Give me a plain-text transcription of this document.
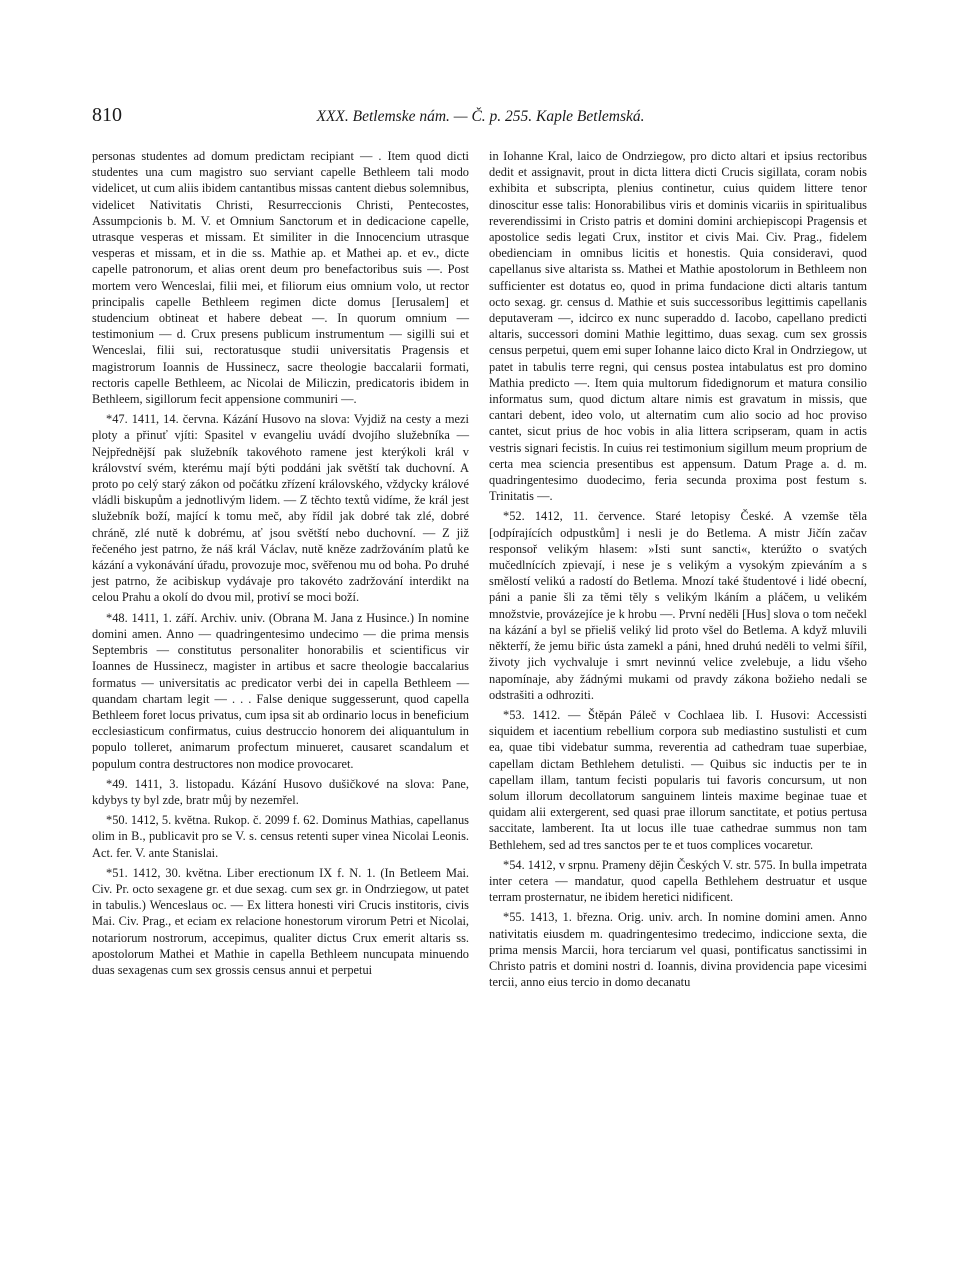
810	XXX. Betlemske nám. — Č. p. 255. Kaple Betlemská.

personas studentes ad domum predictam recipiant — . Item quod dicti studentes una cum magistro suo serviant capelle Bethleem tali modo videlicet, ut cum aliis ibidem cantantibus missas cantent diebus solemnibus, videlicet Nativitatis Christi, Resurreccionis Christi, Pentecostes, Assumpcionis b. M. V. et Omnium Sanctorum et in dedicacione capelle, utrasque vesperas et missam. Et similiter in die Innocencium utrasque vesperas et missam, et in die ss. Mathie ap. et Mathei ap. et ev., dicte capelle patronorum, et alias orent deum pro benefactoribus suis —. Post mortem vero Wenceslai, filii mei, et filiorum eius omnium volo, ut rector principalis capelle Bethleem regimen dicte domus [Ierusalem] et studencium obtineat et habere debeat —. In quorum omnium — testimonium — d. Crux presens publicum instrumentum — sigilli sui et Wenceslai, filii sui, rectoratusque studii universitatis Pragensis et magistrorum Ioannis de Hussinecz, sacre theologie baccalarii formati, rectoris capelle Bethleem, ac Nicolai de Miliczin, predicatoris ibidem in Bethleem, sigillorum fecit appensione communiri —.

*47. 1411, 14. června. Kázání Husovo na slova: Vyjdiž na cesty a mezi ploty a přinuť vjíti: Spasitel v evangeliu uvádí dvojího služebníka — Nejpřednější pak služebník takovéhoto ramene jest kterýkoli král v království svém, kterému mají býti poddáni jak světští tak duchovní. A proto po celý starý zákon od počátku zřízení královského, vždycky králové vládli biskupům a jednotlivým lidem. — Z těchto textů vidíme, že král jest služebník boží, mající k tomu meč, aby řídil jak dobré tak zlé, dobré chráně, zlé nutě k dobrému, ať jsou světští nebo duchovní. — Z již řečeného jest patrno, že náš král Václav, nutě kněze zadržováním platů ke kázání a vykonávání úřadu, provozuje moc, svěřenou mu od boha. Po druhé jest patrno, že acibiskup vydávaje pro takovéto zadržování interdikt na celou Prahu a okolí do dvou mil, protiví se moci boží.

*48. 1411, 1. září. Archiv. univ. (Obrana M. Jana z Husince.) In nomine domini amen. Anno — quadringentesimo undecimo — die prima mensis Septembris — constitutus personaliter honorabilis et scientificus vir Ioannes de Hussinecz, magister in artibus et sacre theologie baccalarius formatus — universitatis ac predicator verbi dei in capella Bethleem — quandam chartam legit — . . . False denique suggesserunt, quod capella Bethleem foret locus privatus, cum ipsa sit ab ordinario locus in beneficium ecclesiasticum confirmatus, cuius destruccio honorem dei aliquantulum in populo tolleret, animarum profectum minueret, causaret scandalum et populum contra destructores non modice provocaret.

*49. 1411, 3. listopadu. Kázání Husovo dušičkové na slova: Pane, kdybys ty byl zde, bratr můj by nezemřel.

*50. 1412, 5. května. Rukop. č. 2099 f. 62. Dominus Mathias, capellanus olim in B., publicavit pro se V. s. census retenti super vinea Nicolai Leonis. Act. fer. V. ante Stanislai.

*51. 1412, 30. května. Liber erectionum IX f. N. 1. (In Betleem Mai. Civ. Pr. octo sexagene gr. et due sexag. cum sex gr. in Ondrziegow, ut patet in tabulis.) Wenceslaus oc. — Ex littera honesti viri Crucis institoris, civis Mai. Civ. Prag., et eciam ex relacione honestorum virorum Petri et Nicolai, notariorum nostrorum, accepimus, qualiter dictus Crux emerit altaris ss. apostolorum Mathei et Mathie in capella Bethleem nuncupata minuendo duas sexagenas cum sex grossis census annui et perpetui

in Iohanne Kral, laico de Ondrziegow, pro dicto altari et ipsius rectoribus dedit et assignavit, prout in dicta littera dicti Crucis sigillata, coram nobis exhibita et subscripta, plenius continetur, cuius quidem littere tenor dinoscitur esse talis: Honorabilibus viris et dominis vicariis in spiritualibus reverendissimi in Cristo patris et domini domini archiepiscopi Pragensis et apostolice sedis legati Crux, institor et civis Mai. Civ. Prag., fidelem obedienciam in omnibus licitis et honestis. Quia consideravi, quod capellanus sive altarista ss. Mathei et Mathie apostolorum in Bethleem non sufficienter est dotatus eo, quod in prima fundacione dicti altaris tantum octo sexag. gr. census d. Mathie et suis successoribus legittimis capellanis deputaveram —, idcirco ex nunc superaddo d. Iacobo, capellano predicti altaris, successori domini Mathie legittimo, duas sexag. cum sex grossis census perpetui, quem emi super Iohanne laico dicto Kral in Ondrziegow, ut patet in tabulis terre regni, qui census postea intabulatus est pro domino Mathia predicto —. Item quia multorum fidedignorum et matura consilio informatus sum, quod dictum altare nimis est gravatum in missis, que cantari debent, ideo volo, ut alternatim cum alio socio ad hoc proviso cantet, sicut prius de hoc vobis in alia littera scripseram, quam in actis vestris signari fecistis. In cuius rei testimonium sigillum meum proprium de certa mea sciencia presentibus est appensum. Datum Prage a. d. m. quadringentesimo duodecimo, feria secunda proxima post festum s. Trinitatis —.

*52. 1412, 11. července. Staré letopisy České. A vzemše těla [odpírajících odpustkům] i nesli je do Betlema. A mistr Jičín začav responsoř velikým hlasem: »Isti sunt sancti«, kterúžto o svatých mučedlnících zpievají, i nese je s velikým a vysokým zpieváním a s smělostí velikú a radostí do Betlema. Mnozí také študentové i lidé obecní, páni a panie šli za těmi těly s velikým lkáním a pláčem, u velikém množstvie, provázejíce je k hrobu —. První neděli [Hus] slova o tom nečekl na kázání a byl se přieliš veliký lid proto všel do Betlema. A když mluvili některří, že jemu biřic ústa zamekl a páni, hned druhú neděli to velmi šířil, životy jich vychvaluje i smrt nevinnú velice zvelebuje, a lidu všeho napomínaje, aby žádnými mukami od pravdy zákona božieho nedali se odstrašiti a odhroziti.

*53. 1412. — Štěpán Páleč v Cochlaea lib. I. Husovi: Accessisti siquidem et iacentium rebellium corpora sub mediastino sustulisti et cum ea, quae tibi videbatur summa, reverentia ad cathedram tuae superbiae, capellam dictam Bethlehem detulisti. — Quibus sic inductis per te in capellam illam, tantum fecisti popularis tui favoris concursum, ut non solum illorum decollatorum sanguinem linteis maxime beginae tuae et quidam alii extergerent, sed quasi prae illorum sanctitate, et potius pertusa saccitate, lamberent. Ita ut locus ille tuae cathedrae summus non tam Bethlehem, sed ad tres sanctos per te et tuos complices vocaretur.

*54. 1412, v srpnu. Prameny dějin Českých V. str. 575. In bulla impetrata inter cetera — mandatur, quod capella Bethlehem destruatur et usque terram prosternatur, ne ibidem heretici nidificent.

*55. 1413, 1. března. Orig. univ. arch. In nomine domini amen. Anno nativitatis eiusdem m. quadringentesimo tredecimo, indiccione sexta, die prima mensis Marcii, hora terciarum vel quasi, pontificatus sanctissimi in Christo patris et domini nostri d. Ioannis, divina providencia pape vicesimi tercii, anno eius tercio in domo decanatu
